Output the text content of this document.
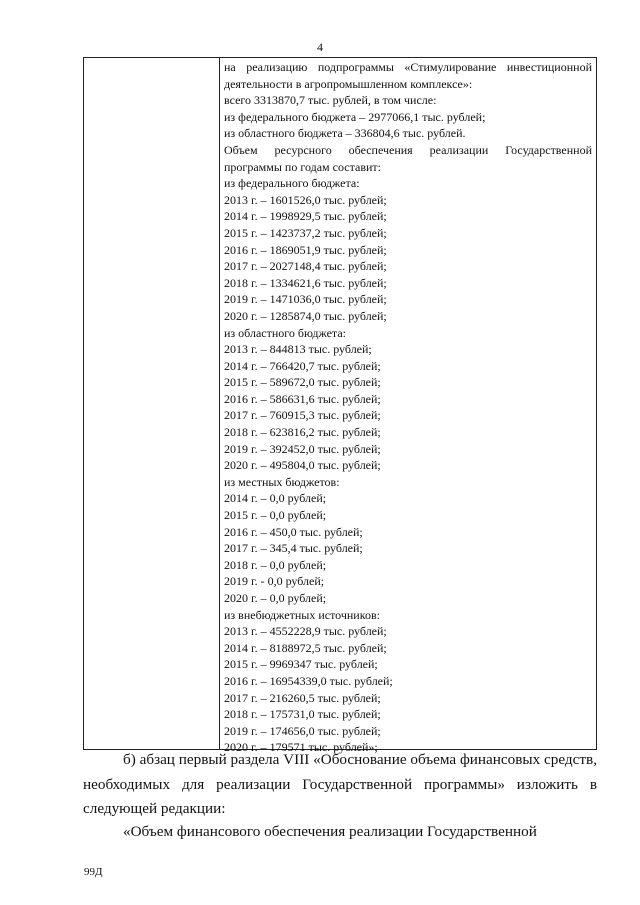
4
на реализацию подпрограммы «Стимулирование инвестиционной деятельности в агропромышленном комплексе»:
всего 3313870,7 тыс. рублей, в том числе:
из федерального бюджета – 2977066,1 тыс. рублей;
из областного бюджета – 336804,6 тыс. рублей.
Объем ресурсного обеспечения реализации Государственной программы по годам составит:
из федерального бюджета:
2013 г. – 1601526,0 тыс. рублей;
2014 г. – 1998929,5 тыс. рублей;
2015 г. – 1423737,2 тыс. рублей;
2016 г. – 1869051,9 тыс. рублей;
2017 г. – 2027148,4 тыс. рублей;
2018 г. – 1334621,6 тыс. рублей;
2019 г. – 1471036,0 тыс. рублей;
2020 г. – 1285874,0 тыс. рублей;
из областного бюджета:
2013 г. – 844813 тыс. рублей;
2014 г. – 766420,7 тыс. рублей;
2015 г. – 589672,0 тыс. рублей;
2016 г. – 586631,6 тыс. рублей;
2017 г. – 760915,3 тыс. рублей;
2018 г. – 623816,2 тыс. рублей;
2019 г. – 392452,0 тыс. рублей;
2020 г. – 495804,0 тыс. рублей;
из местных бюджетов:
2014 г. – 0,0 рублей;
2015 г. – 0,0 рублей;
2016 г. – 450,0 тыс. рублей;
2017 г. – 345,4 тыс. рублей;
2018 г. – 0,0 рублей;
2019 г. - 0,0 рублей;
2020 г. – 0,0 рублей;
из внебюджетных источников:
2013 г. – 4552228,9 тыс. рублей;
2014 г. – 8188972,5 тыс. рублей;
2015 г. – 9969347 тыс. рублей;
2016 г. – 16954339,0 тыс. рублей;
2017 г. – 216260,5 тыс. рублей;
2018 г. – 175731,0 тыс. рублей;
2019 г. – 174656,0 тыс. рублей;
2020 г. – 179571 тыс. рублей»;
б) абзац первый раздела VIII «Обоснование объема финансовых средств, необходимых для реализации Государственной программы» изложить в следующей редакции:
«Объем финансового обеспечения реализации Государственной
99Д
